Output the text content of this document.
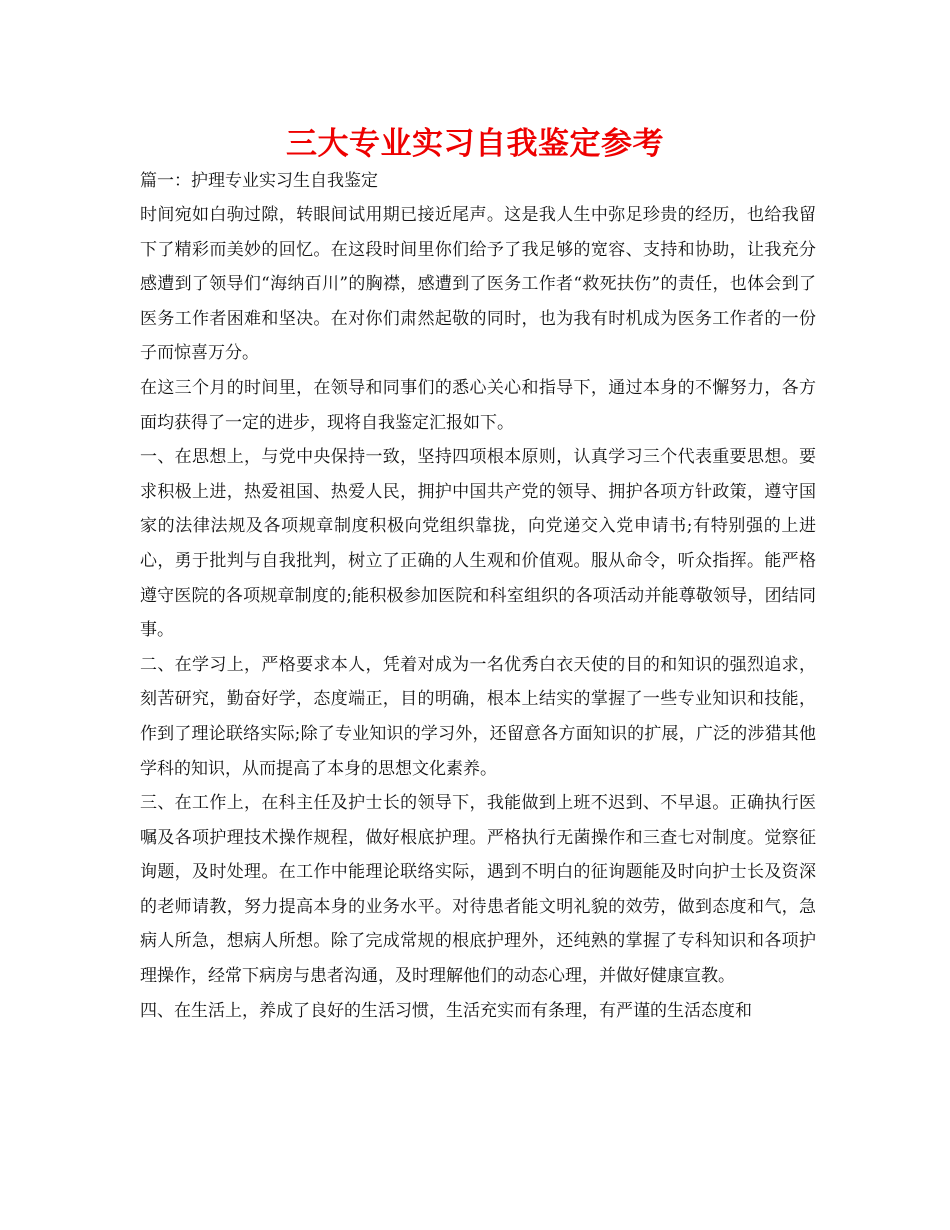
三大专业实习自我鉴定参考

篇一：护理专业实习生自我鉴定

时间宛如白驹过隙，转眼间试用期已接近尾声。这是我人生中弥足珍贵的经历，也给我留下了精彩而美妙的回忆。在这段时间里你们给予了我足够的宽容、支持和协助，让我充分感遭到了领导们“海纳百川”的胸襟，感遭到了医务工作者“救死扶伤”的责任，也体会到了医务工作者困难和坚决。在对你们肃然起敬的同时，也为我有时机成为医务工作者的一份子而惊喜万分。

在这三个月的时间里，在领导和同事们的悉心关心和指导下，通过本身的不懈努力，各方面均获得了一定的进步，现将自我鉴定汇报如下。

一、在思想上，与党中央保持一致，坚持四项根本原则，认真学习三个代表重要思想。要求积极上进，热爱祖国、热爱人民，拥护中国共产党的领导、拥护各项方针政策，遵守国家的法律法规及各项规章制度积极向党组织靠拢，向党递交入党申请书;有特别强的上进心，勇于批判与自我批判，树立了正确的人生观和价值观。服从命令，听众指挥。能严格遵守医院的各项规章制度的;能积极参加医院和科室组织的各项活动并能尊敬领导，团结同事。

二、在学习上，严格要求本人，凭着对成为一名优秀白衣天使的目的和知识的强烈追求，刻苦研究，勤奋好学，态度端正，目的明确，根本上结实的掌握了一些专业知识和技能，作到了理论联络实际;除了专业知识的学习外，还留意各方面知识的扩展，广泛的涉猎其他学科的知识，从而提高了本身的思想文化素养。

三、在工作上，在科主任及护士长的领导下，我能做到上班不迟到、不早退。正确执行医嘱及各项护理技术操作规程，做好根底护理。严格执行无菌操作和三查七对制度。觉察征询题，及时处理。在工作中能理论联络实际，遇到不明白的征询题能及时向护士长及资深的老师请教，努力提高本身的业务水平。对待患者能文明礼貌的效劳，做到态度和气，急病人所急，想病人所想。除了完成常规的根底护理外，还纯熟的掌握了专科知识和各项护理操作，经常下病房与患者沟通，及时理解他们的动态心理，并做好健康宣教。

四、在生活上，养成了良好的生活习惯，生活充实而有条理，有严谨的生活态度和
